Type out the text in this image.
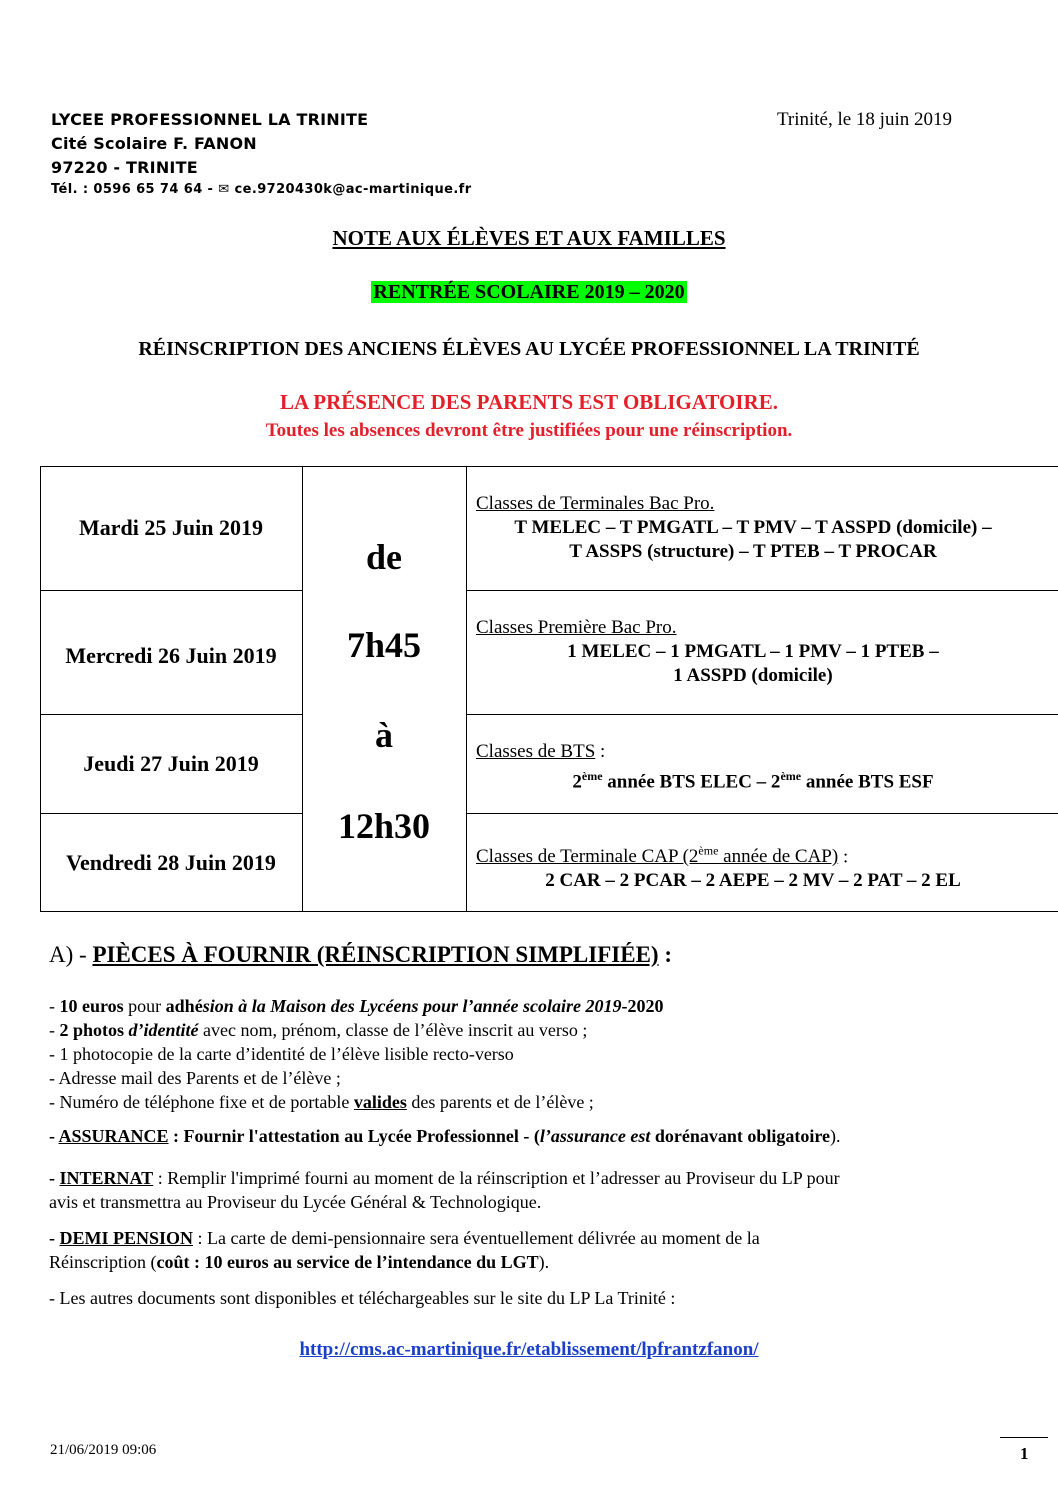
LYCEE PROFESSIONNEL LA TRINITE
Cité Scolaire F. FANON
97220 - TRINITE
Tél. : 0596 65 74 64 - ✉ ce.9720430k@ac-martinique.fr
Trinité, le 18 juin 2019
NOTE AUX ÉLÈVES ET AUX FAMILLES
RENTRÉE SCOLAIRE 2019 – 2020
RÉINSCRIPTION DES ANCIENS ÉLÈVES AU LYCÉE PROFESSIONNEL LA TRINITÉ
LA PRÉSENCE DES PARENTS EST OBLIGATOIRE.
Toutes les absences devront être justifiées pour une réinscription.
Mardi 25 Juin 2019
Mercredi 26 Juin 2019
Jeudi 27 Juin 2019
Vendredi 28 Juin 2019
de
7h45
à
12h30
Classes de Terminales Bac Pro.
T MELEC – T PMGATL – T PMV – T ASSPD (domicile) –
T ASSPS (structure) – T PTEB – T PROCAR
Classes Première Bac Pro.
1 MELEC – 1 PMGATL – 1 PMV – 1 PTEB –
1 ASSPD (domicile)
Classes de BTS :
2ème année BTS ELEC – 2ème année BTS ESF
Classes de Terminale CAP (2ème année de CAP) :
2 CAR – 2 PCAR – 2 AEPE – 2 MV – 2 PAT – 2 EL
A) - PIÈCES À FOURNIR (RÉINSCRIPTION SIMPLIFIÉE) :
- 10 euros pour adhésion à la Maison des Lycéens pour l’année scolaire 2019-2020
- 2 photos d’identité avec nom, prénom, classe de l’élève inscrit au verso ;
- 1 photocopie de la carte d’identité de l’élève lisible recto-verso
- Adresse mail des Parents et de l’élève ;
- Numéro de téléphone fixe et de portable valides des parents et de l’élève ;
- ASSURANCE : Fournir l'attestation au Lycée Professionnel - (l’assurance est dorénavant obligatoire).
- INTERNAT : Remplir l'imprimé fourni au moment de la réinscription et l’adresser au Proviseur du LP pour
avis et transmettra au Proviseur du Lycée Général & Technologique.
- DEMI PENSION : La carte de demi-pensionnaire sera éventuellement délivrée au moment de la
Réinscription (coût : 10 euros au service de l’intendance du LGT).
- Les autres documents sont disponibles et téléchargeables sur le site du LP La Trinité :
http://cms.ac-martinique.fr/etablissement/lpfrantzfanon/
21/06/2019 09:06	1
